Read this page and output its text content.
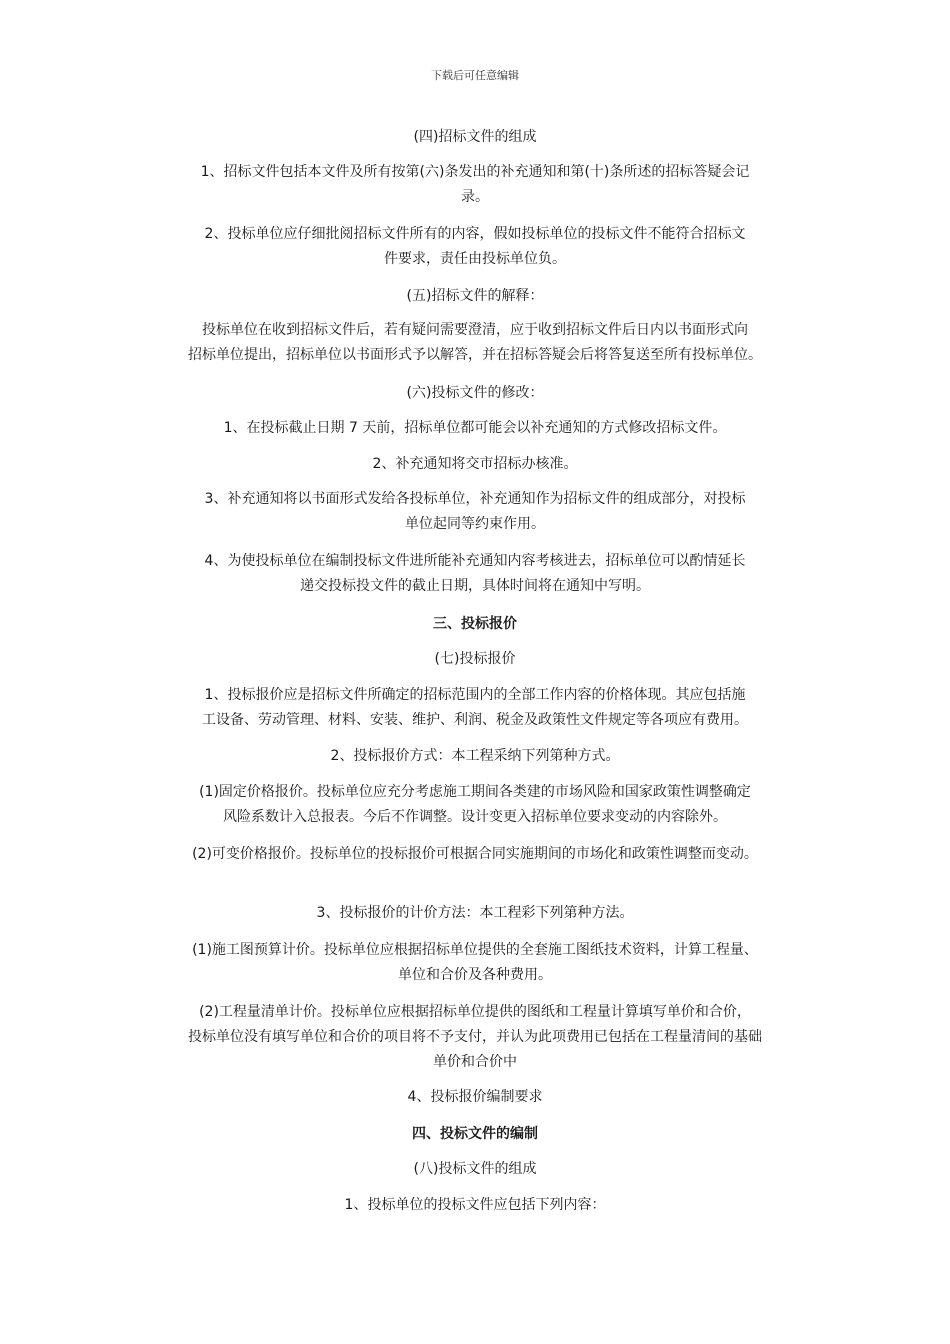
下载后可任意编辑
(四)招标文件的组成
1、招标文件包括本文件及所有按第(六)条发出的补充通知和第(十)条所述的招标答疑会记
录。
2、投标单位应仔细批阅招标文件所有的内容，假如投标单位的投标文件不能符合招标文
件要求，责任由投标单位负。
(五)招标文件的解释：
投标单位在收到招标文件后，若有疑问需要澄清，应于收到招标文件后日内以书面形式向
招标单位提出，招标单位以书面形式予以解答，并在招标答疑会后将答复送至所有投标单位。
(六)投标文件的修改：
1、在投标截止日期 7 天前，招标单位都可能会以补充通知的方式修改招标文件。
2、补充通知将交市招标办核准。
3、补充通知将以书面形式发给各投标单位，补充通知作为招标文件的组成部分，对投标
单位起同等约束作用。
4、为使投标单位在编制投标文件进所能补充通知内容考核进去，招标单位可以酌情延长
递交投标投文件的截止日期，具体时间将在通知中写明。
三、投标报价
(七)投标报价
1、投标报价应是招标文件所确定的招标范围内的全部工作内容的价格体现。其应包括施
工设备、劳动管理、材料、安装、维护、利润、税金及政策性文件规定等各项应有费用。
2、投标报价方式：本工程采纳下列第种方式。
(1)固定价格报价。投标单位应充分考虑施工期间各类建的市场风险和国家政策性调整确定
风险系数计入总报表。今后不作调整。设计变更入招标单位要求变动的内容除外。
(2)可变价格报价。投标单位的投标报价可根据合同实施期间的市场化和政策性调整而变动。
3、投标报价的计价方法：本工程彩下列第种方法。
(1)施工图预算计价。投标单位应根据招标单位提供的全套施工图纸技术资料，计算工程量、
单位和合价及各种费用。
(2)工程量清单计价。投标单位应根据招标单位提供的图纸和工程量计算填写单价和合价，
投标单位没有填写单位和合价的项目将不予支付，并认为此项费用已包括在工程量清间的基础
单价和合价中
4、投标报价编制要求
四、投标文件的编制
(八)投标文件的组成
1、投标单位的投标文件应包括下列内容：
